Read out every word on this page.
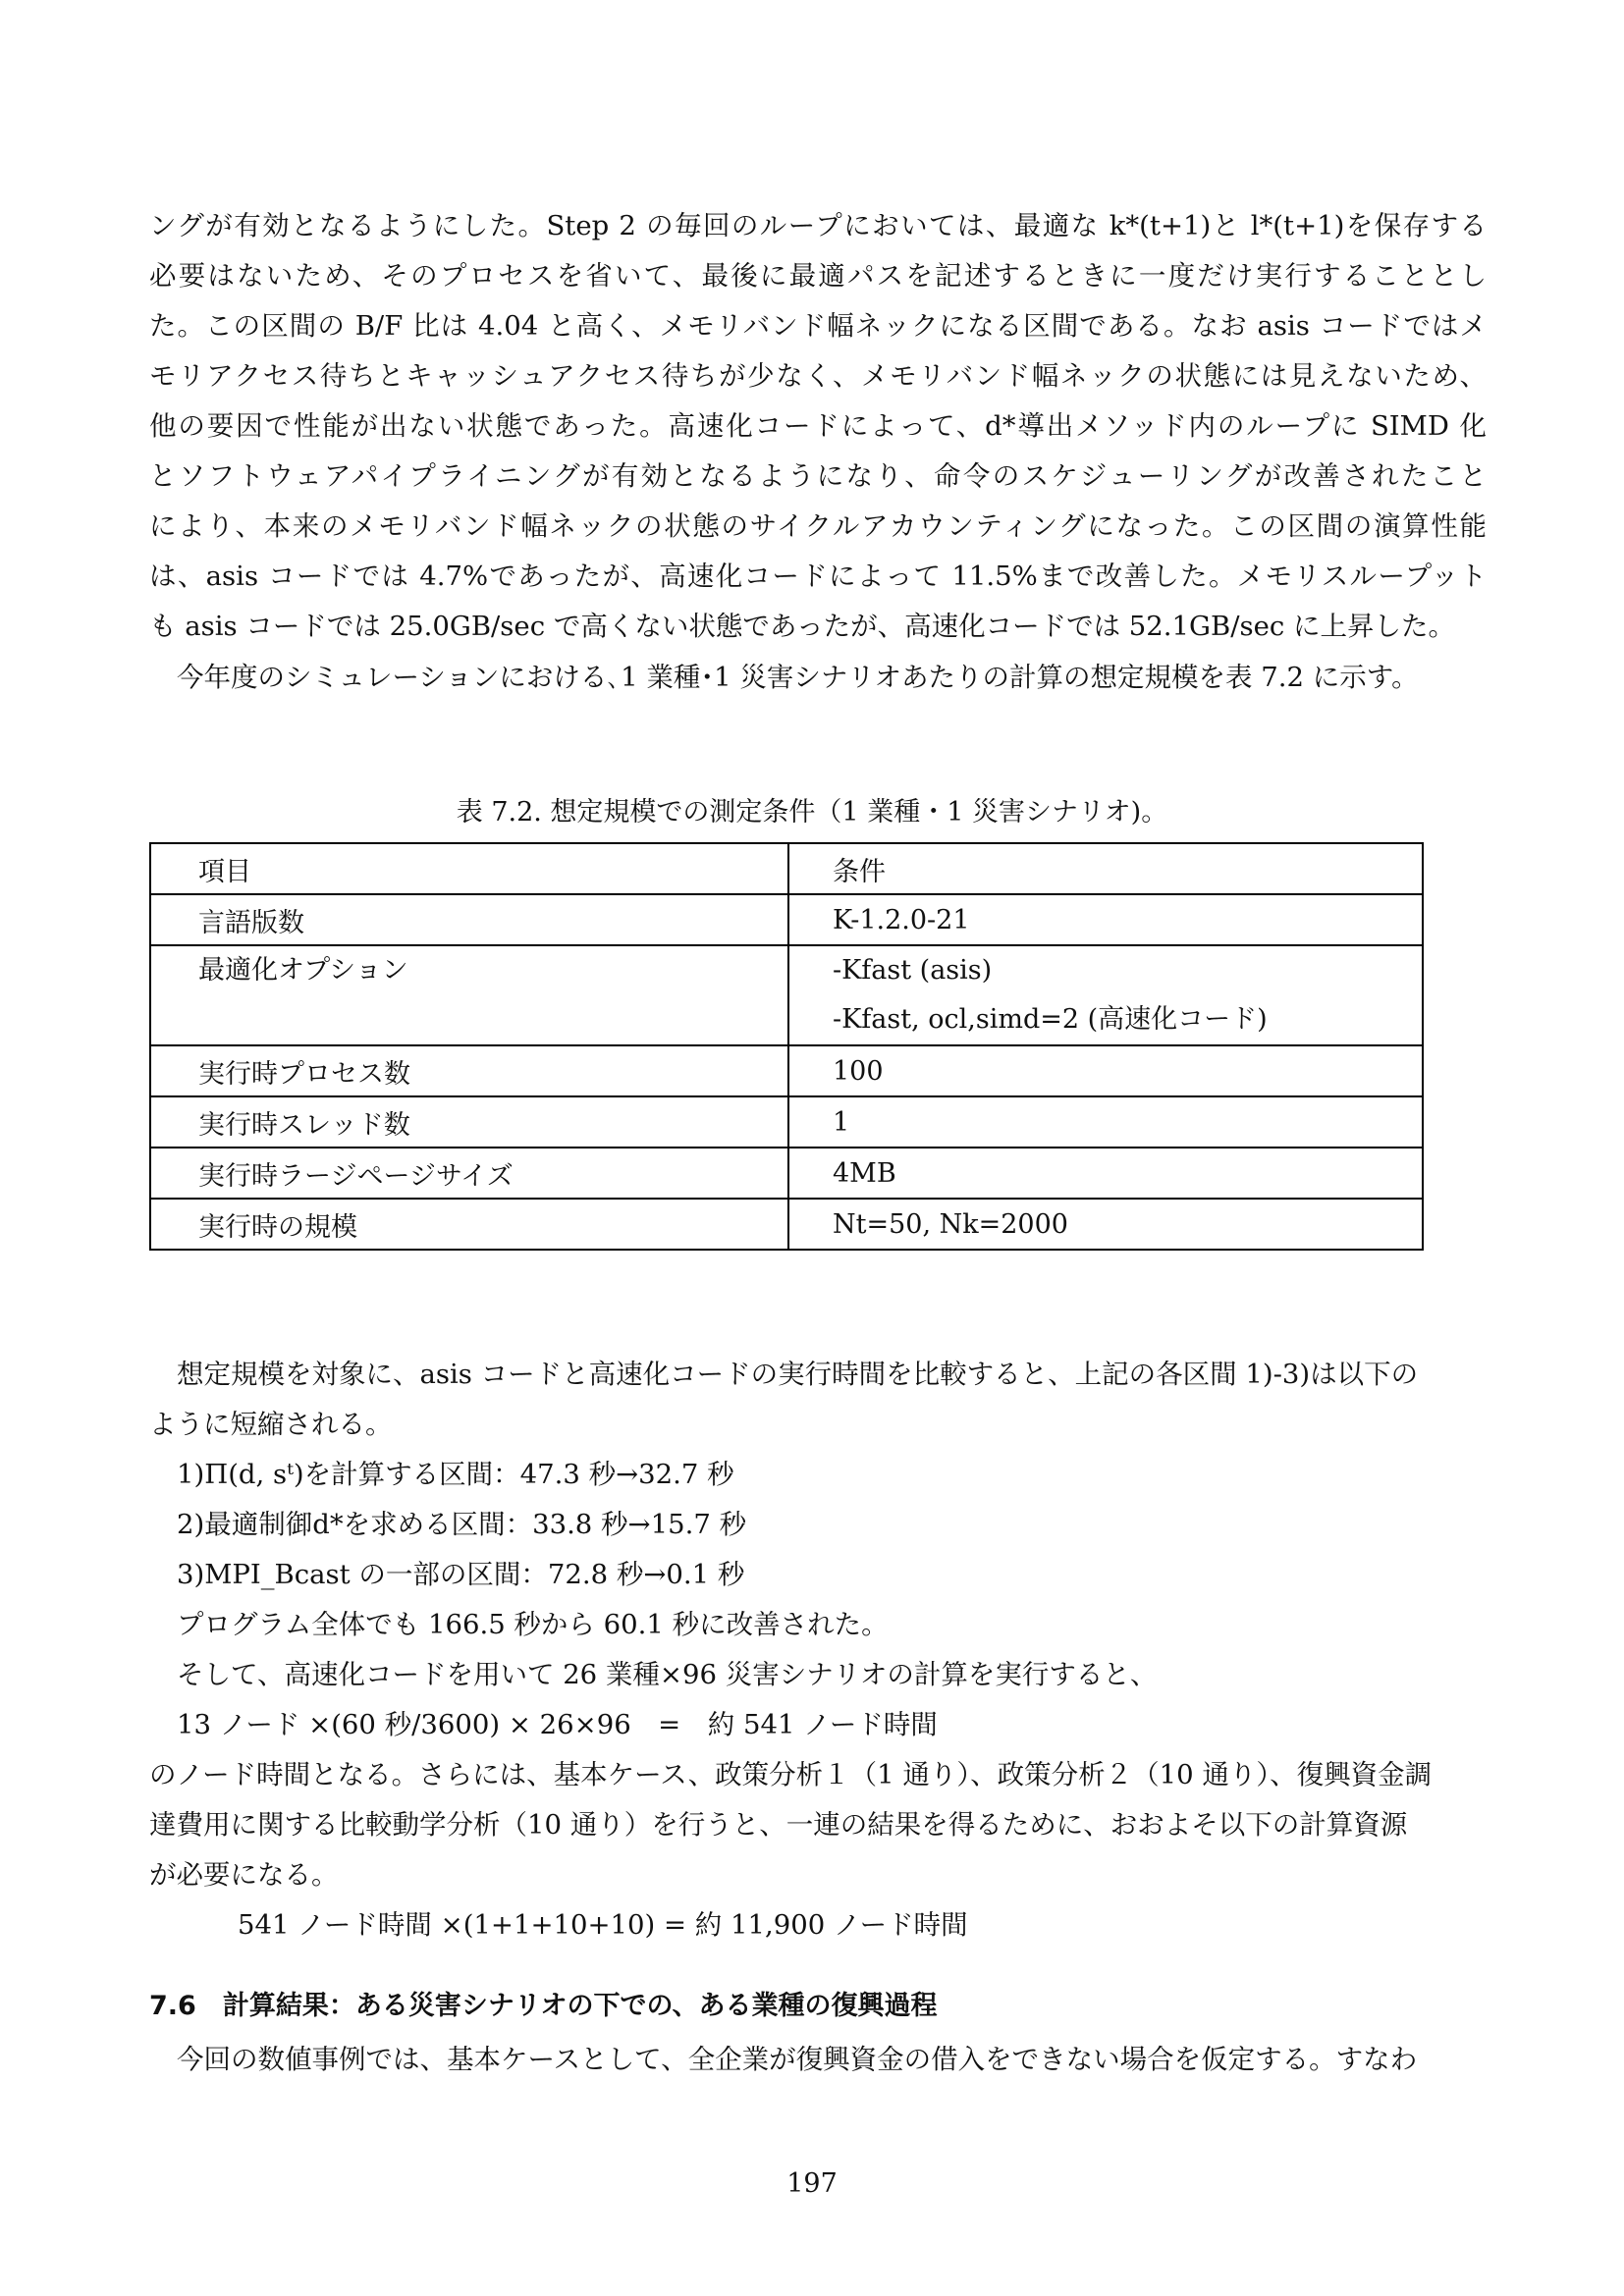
ングが有効となるようにした。Step 2 の毎回のループにおいては、最適な k*(t+1)と l*(t+1)を保存する
必要はないため、そのプロセスを省いて、最後に最適パスを記述するときに一度だけ実行することとし
た。この区間の B/F 比は 4.04 と高く、メモリバンド幅ネックになる区間である。なお asis コードではメ
モリアクセス待ちとキャッシュアクセス待ちが少なく、メモリバンド幅ネックの状態には見えないため、
他の要因で性能が出ない状態であった。高速化コードによって、d*導出メソッド内のループに SIMD 化
とソフトウェアパイプライニングが有効となるようになり、命令のスケジューリングが改善されたこと
により、本来のメモリバンド幅ネックの状態のサイクルアカウンティングになった。この区間の演算性能
は、asis コードでは 4.7%であったが、高速化コードによって 11.5%まで改善した。メモリスループット
も asis コードでは 25.0GB/sec で高くない状態であったが、高速化コードでは 52.1GB/sec に上昇した。
今年度のシミュレーションにおける､1 業種･1 災害シナリオあたりの計算の想定規模を表 7.2 に示す。
表 7.2. 想定規模での測定条件（1 業種・1 災害シナリオ)。
項目	条件
言語版数	K-1.2.0-21

最適化オプション	-Kfast (asis)
-Kfast, ocl,simd=2 (高速化コード)

実行時プロセス数	100
実行時スレッド数	1
実行時ラージページサイズ	4MB
実行時の規模	Nt=50, Nk=2000
想定規模を対象に、asis コードと高速化コードの実行時間を比較すると、上記の各区間 1)-3)は以下の
ように短縮される。
1)Π(d, sᵗ)を計算する区間：47.3 秒→32.7 秒
2)最適制御d*を求める区間：33.8 秒→15.7 秒
3)MPI_Bcast の一部の区間：72.8 秒→0.1 秒
プログラム全体でも 166.5 秒から 60.1 秒に改善された。
そして、高速化コードを用いて 26 業種×96 災害シナリオの計算を実行すると、
13 ノード ×(60 秒/3600) × 26×96　=　約 541 ノード時間
のノード時間となる。さらには、基本ケース、政策分析１（1 通り）、政策分析２（10 通り）、復興資金調
達費用に関する比較動学分析（10 通り）を行うと、一連の結果を得るために、おおよそ以下の計算資源
が必要になる。
541 ノード時間 ×(1+1+10+10) = 約 11,900 ノード時間
7.6　計算結果：ある災害シナリオの下での、ある業種の復興過程
今回の数値事例では、基本ケースとして、全企業が復興資金の借入をできない場合を仮定する。すなわ
197
